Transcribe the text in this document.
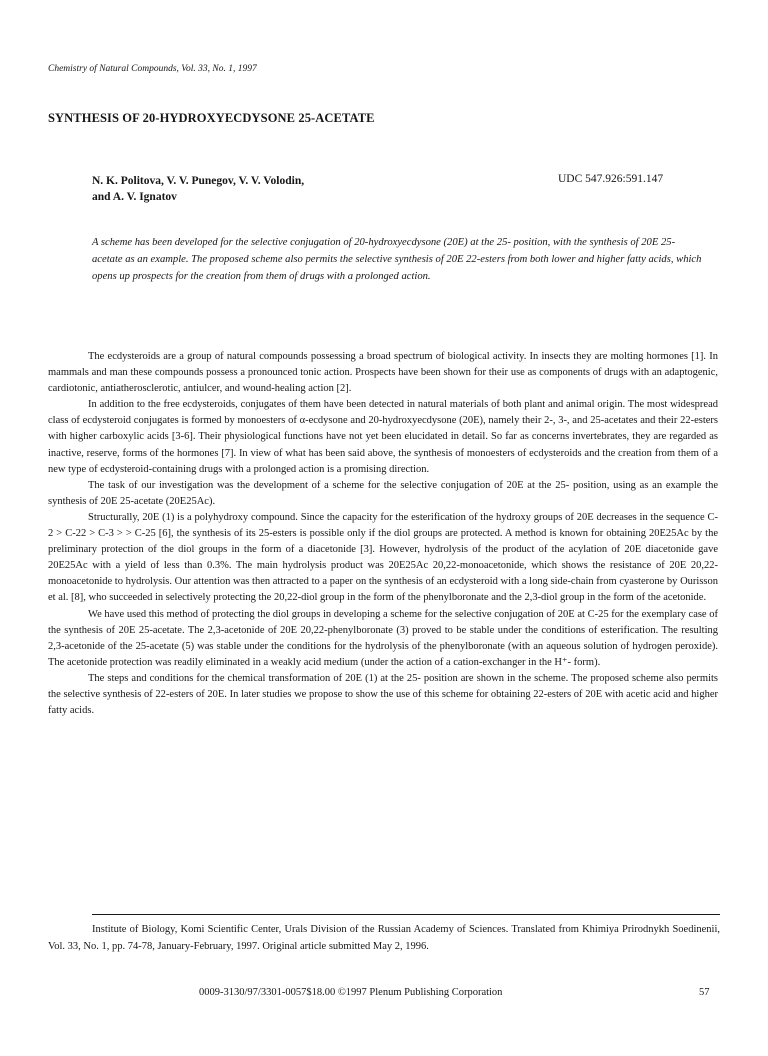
Chemistry of Natural Compounds, Vol. 33, No. 1, 1997
SYNTHESIS OF 20-HYDROXYECDYSONE 25-ACETATE
N. K. Politova, V. V. Punegov, V. V. Volodin,
and A. V. Ignatov
UDC 547.926:591.147
A scheme has been developed for the selective conjugation of 20-hydroxyecdysone (20E) at the 25- position, with the synthesis of 20E 25-acetate as an example. The proposed scheme also permits the selective synthesis of 20E 22-esters from both lower and higher fatty acids, which opens up prospects for the creation from them of drugs with a prolonged action.

The ecdysteroids are a group of natural compounds possessing a broad spectrum of biological activity. In insects they are molting hormones [1]. In mammals and man these compounds possess a pronounced tonic action. Prospects have been shown for their use as components of drugs with an adaptogenic, cardiotonic, antiatherosclerotic, antiulcer, and wound-healing action [2].

In addition to the free ecdysteroids, conjugates of them have been detected in natural materials of both plant and animal origin. The most widespread class of ecdysteroid conjugates is formed by monoesters of α-ecdysone and 20-hydroxyecdysone (20E), namely their 2-, 3-, and 25-acetates and their 22-esters with higher carboxylic acids [3-6]. Their physiological functions have not yet been elucidated in detail. So far as concerns invertebrates, they are regarded as inactive, reserve, forms of the hormones [7]. In view of what has been said above, the synthesis of monoesters of ecdysteroids and the creation from them of a new type of ecdysteroid-containing drugs with a prolonged action is a promising direction.

The task of our investigation was the development of a scheme for the selective conjugation of 20E at the 25- position, using as an example the synthesis of 20E 25-acetate (20E25Ac).

Structurally, 20E (1) is a polyhydroxy compound. Since the capacity for the esterification of the hydroxy groups of 20E decreases in the sequence C-2 > C-22 > C-3 > > C-25 [6], the synthesis of its 25-esters is possible only if the diol groups are protected. A method is known for obtaining 20E25Ac by the preliminary protection of the diol groups in the form of a diacetonide [3]. However, hydrolysis of the product of the acylation of 20E diacetonide gave 20E25Ac with a yield of less than 0.3%. The main hydrolysis product was 20E25Ac 20,22-monoacetonide, which shows the resistance of 20E 20,22-monoacetonide to hydrolysis. Our attention was then attracted to a paper on the synthesis of an ecdysteroid with a long side-chain from cyasterone by Ourisson et al. [8], who succeeded in selectively protecting the 20,22-diol group in the form of the phenylboronate and the 2,3-diol group in the form of the acetonide.

We have used this method of protecting the diol groups in developing a scheme for the selective conjugation of 20E at C-25 for the exemplary case of the synthesis of 20E 25-acetate. The 2,3-acetonide of 20E 20,22-phenylboronate (3) proved to be stable under the conditions of esterification. The resulting 2,3-acetonide of the 25-acetate (5) was stable under the conditions for the hydrolysis of the phenylboronate (with an aqueous solution of hydrogen peroxide). The acetonide protection was readily eliminated in a weakly acid medium (under the action of a cation-exchanger in the H⁺- form).

The steps and conditions for the chemical transformation of 20E (1) at the 25- position are shown in the scheme. The proposed scheme also permits the selective synthesis of 22-esters of 20E. In later studies we propose to show the use of this scheme for obtaining 22-esters of 20E with acetic acid and higher fatty acids.

Institute of Biology, Komi Scientific Center, Urals Division of the Russian Academy of Sciences. Translated from Khimiya Prirodnykh Soedinenii, Vol. 33, No. 1, pp. 74-78, January-February, 1997. Original article submitted May 2, 1996.
0009-3130/97/3301-0057$18.00 ©1997 Plenum Publishing Corporation	57
